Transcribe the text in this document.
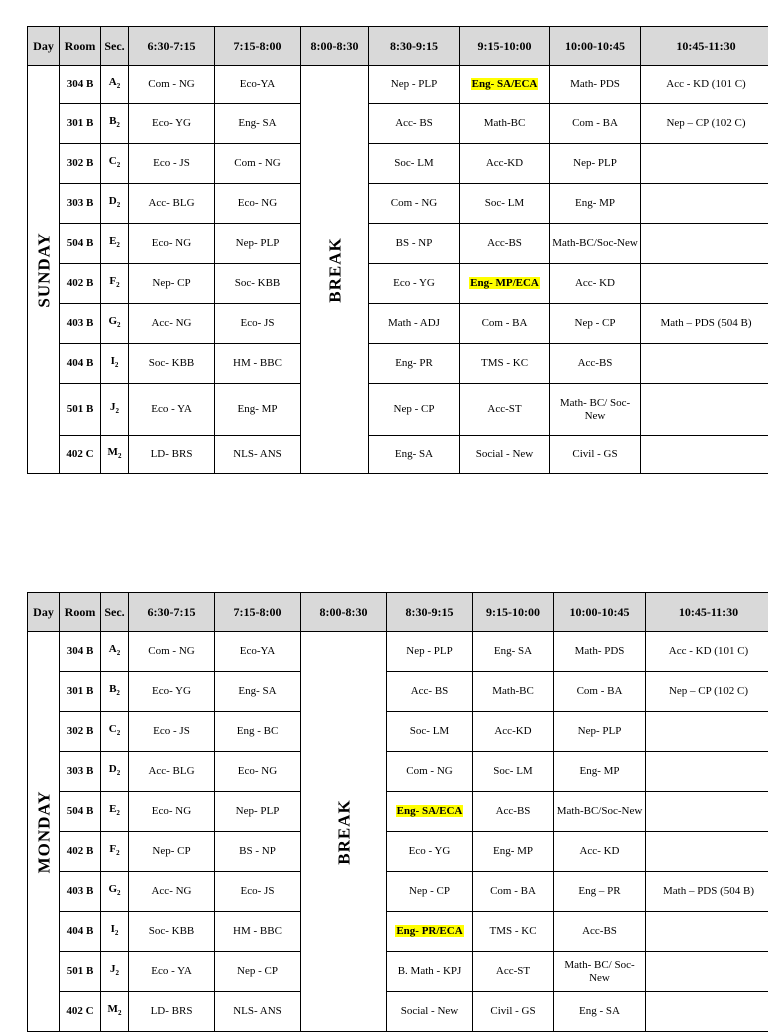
Day	Room	Sec.	6:30-7:15	7:15-8:00	8:00-8:30	8:30-9:15	9:15-10:00	10:00-10:45	10:45-11:30

SUNDAY	304 B	$A_2$	Com - NG	Eco-YA	BREAK	Nep - PLP	Eng- SA/ECA	Math- PDS	Acc - KD (101 C)
	301 B	$B_2$	Eco- YG	Eng- SA		Acc- BS	Math-BC	Com - BA	Nep – CP (102 C)
	302 B	$C_2$	Eco - JS	Com - NG		Soc- LM	Acc-KD	Nep- PLP	
	303 B	$D_2$	Acc- BLG	Eco- NG		Com - NG	Soc- LM	Eng- MP	
	504 B	$E_2$	Eco- NG	Nep- PLP		BS - NP	Acc-BS	Math-BC/Soc-New	
	402 B	$F_2$	Nep- CP	Soc- KBB		Eco - YG	Eng- MP/ECA	Acc- KD	
	403 B	$G_2$	Acc- NG	Eco- JS		Math - ADJ	Com - BA	Nep - CP	Math – PDS (504 B)
	404 B	$I_2$	Soc- KBB	HM - BBC		Eng- PR	TMS - KC	Acc-BS	
	501 B	$J_2$	Eco - YA	Eng- MP		Nep - CP	Acc-ST	Math- BC/ Soc-New	
	402 C	$M_2$	LD- BRS	NLS- ANS		Eng- SA	Social - New	Civil - GS	
Day	Room	Sec.	6:30-7:15	7:15-8:00	8:00-8:30	8:30-9:15	9:15-10:00	10:00-10:45	10:45-11:30

MONDAY	304 B	$A_2$	Com - NG	Eco-YA	BREAK	Nep - PLP	Eng- SA	Math- PDS	Acc - KD (101 C)
	301 B	$B_2$	Eco- YG	Eng- SA		Acc- BS	Math-BC	Com - BA	Nep – CP (102 C)
	302 B	$C_2$	Eco - JS	Eng - BC		Soc- LM	Acc-KD	Nep- PLP	
	303 B	$D_2$	Acc- BLG	Eco- NG		Com - NG	Soc- LM	Eng- MP	
	504 B	$E_2$	Eco- NG	Nep- PLP		Eng- SA/ECA	Acc-BS	Math-BC/Soc-New	
	402 B	$F_2$	Nep- CP	BS - NP		Eco - YG	Eng- MP	Acc- KD	
	403 B	$G_2$	Acc- NG	Eco- JS		Nep - CP	Com - BA	Eng – PR	Math – PDS (504 B)
	404 B	$I_2$	Soc- KBB	HM - BBC		Eng- PR/ECA	TMS - KC	Acc-BS	
	501 B	$J_2$	Eco - YA	Nep - CP		B. Math - KPJ	Acc-ST	Math- BC/ Soc-New	
	402 C	$M_2$	LD- BRS	NLS- ANS		Social - New	Civil - GS	Eng - SA	
